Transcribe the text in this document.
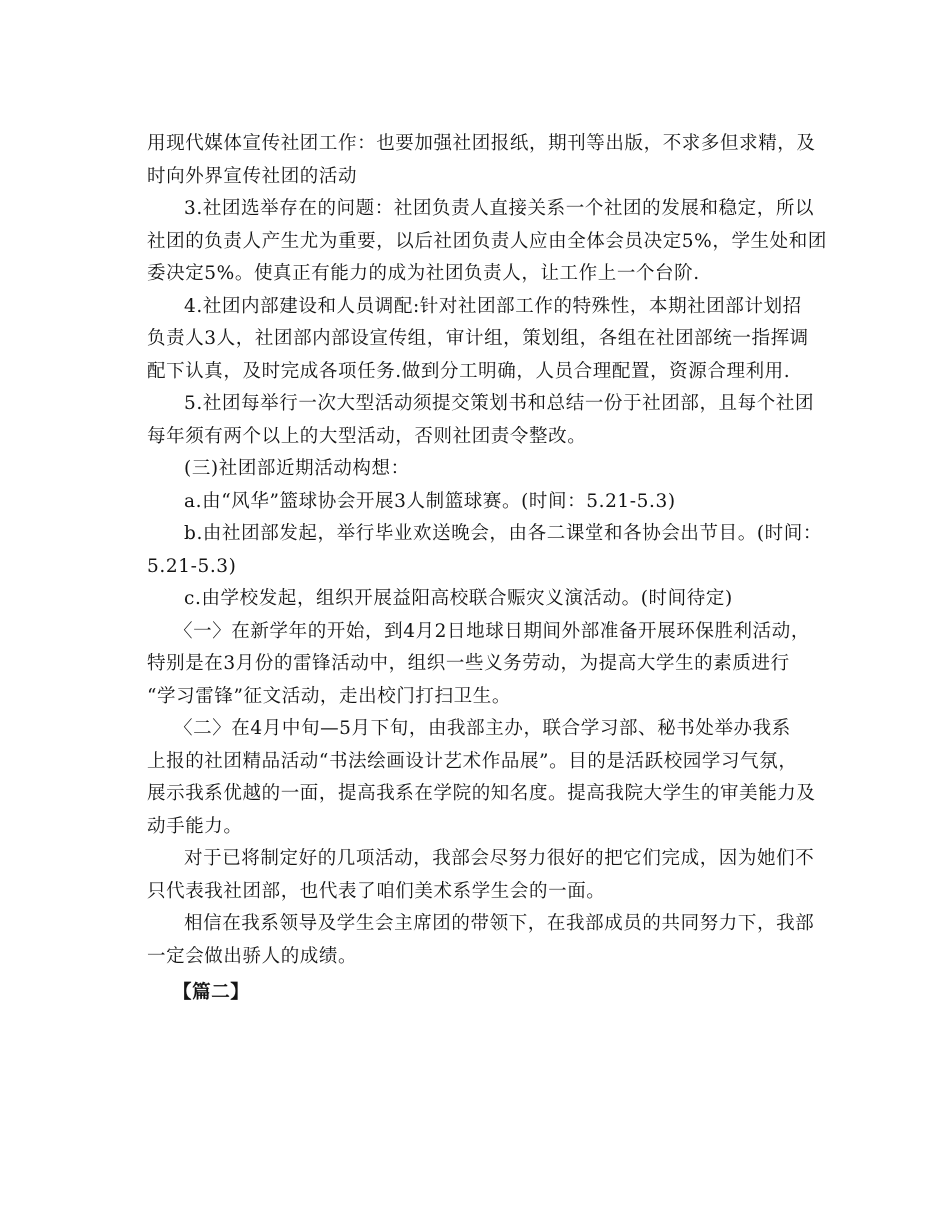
用现代媒体宣传社团工作：也要加强社团报纸，期刊等出版，不求多但求精，及
时向外界宣传社团的活动
3.社团选举存在的问题：社团负责人直接关系一个社团的发展和稳定，所以
社团的负责人产生尤为重要，以后社团负责人应由全体会员决定5%，学生处和团
委决定5%。使真正有能力的成为社团负责人，让工作上一个台阶.
4.社团内部建设和人员调配:针对社团部工作的特殊性，本期社团部计划招
负责人3人，社团部内部设宣传组，审计组，策划组，各组在社团部统一指挥调
配下认真，及时完成各项任务.做到分工明确，人员合理配置，资源合理利用.
5.社团每举行一次大型活动须提交策划书和总结一份于社团部，且每个社团
每年须有两个以上的大型活动，否则社团责令整改。
(三)社团部近期活动构想：
a.由“风华”篮球协会开展3人制篮球赛。(时间：5.21-5.3)
b.由社团部发起，举行毕业欢送晚会，由各二课堂和各协会出节目。(时间：
5.21-5.3)
c.由学校发起，组织开展益阳高校联合赈灾义演活动。(时间待定)
〈一〉在新学年的开始，到4月2日地球日期间外部准备开展环保胜利活动，
特别是在3月份的雷锋活动中，组织一些义务劳动，为提高大学生的素质进行
“学习雷锋”征文活动，走出校门打扫卫生。
〈二〉在4月中旬—5月下旬，由我部主办，联合学习部、秘书处举办我系
上报的社团精品活动“书法绘画设计艺术作品展”。目的是活跃校园学习气氛，
展示我系优越的一面，提高我系在学院的知名度。提高我院大学生的审美能力及
动手能力。
对于已将制定好的几项活动，我部会尽努力很好的把它们完成，因为她们不
只代表我社团部，也代表了咱们美术系学生会的一面。
相信在我系领导及学生会主席团的带领下，在我部成员的共同努力下，我部
一定会做出骄人的成绩。
【篇二】
